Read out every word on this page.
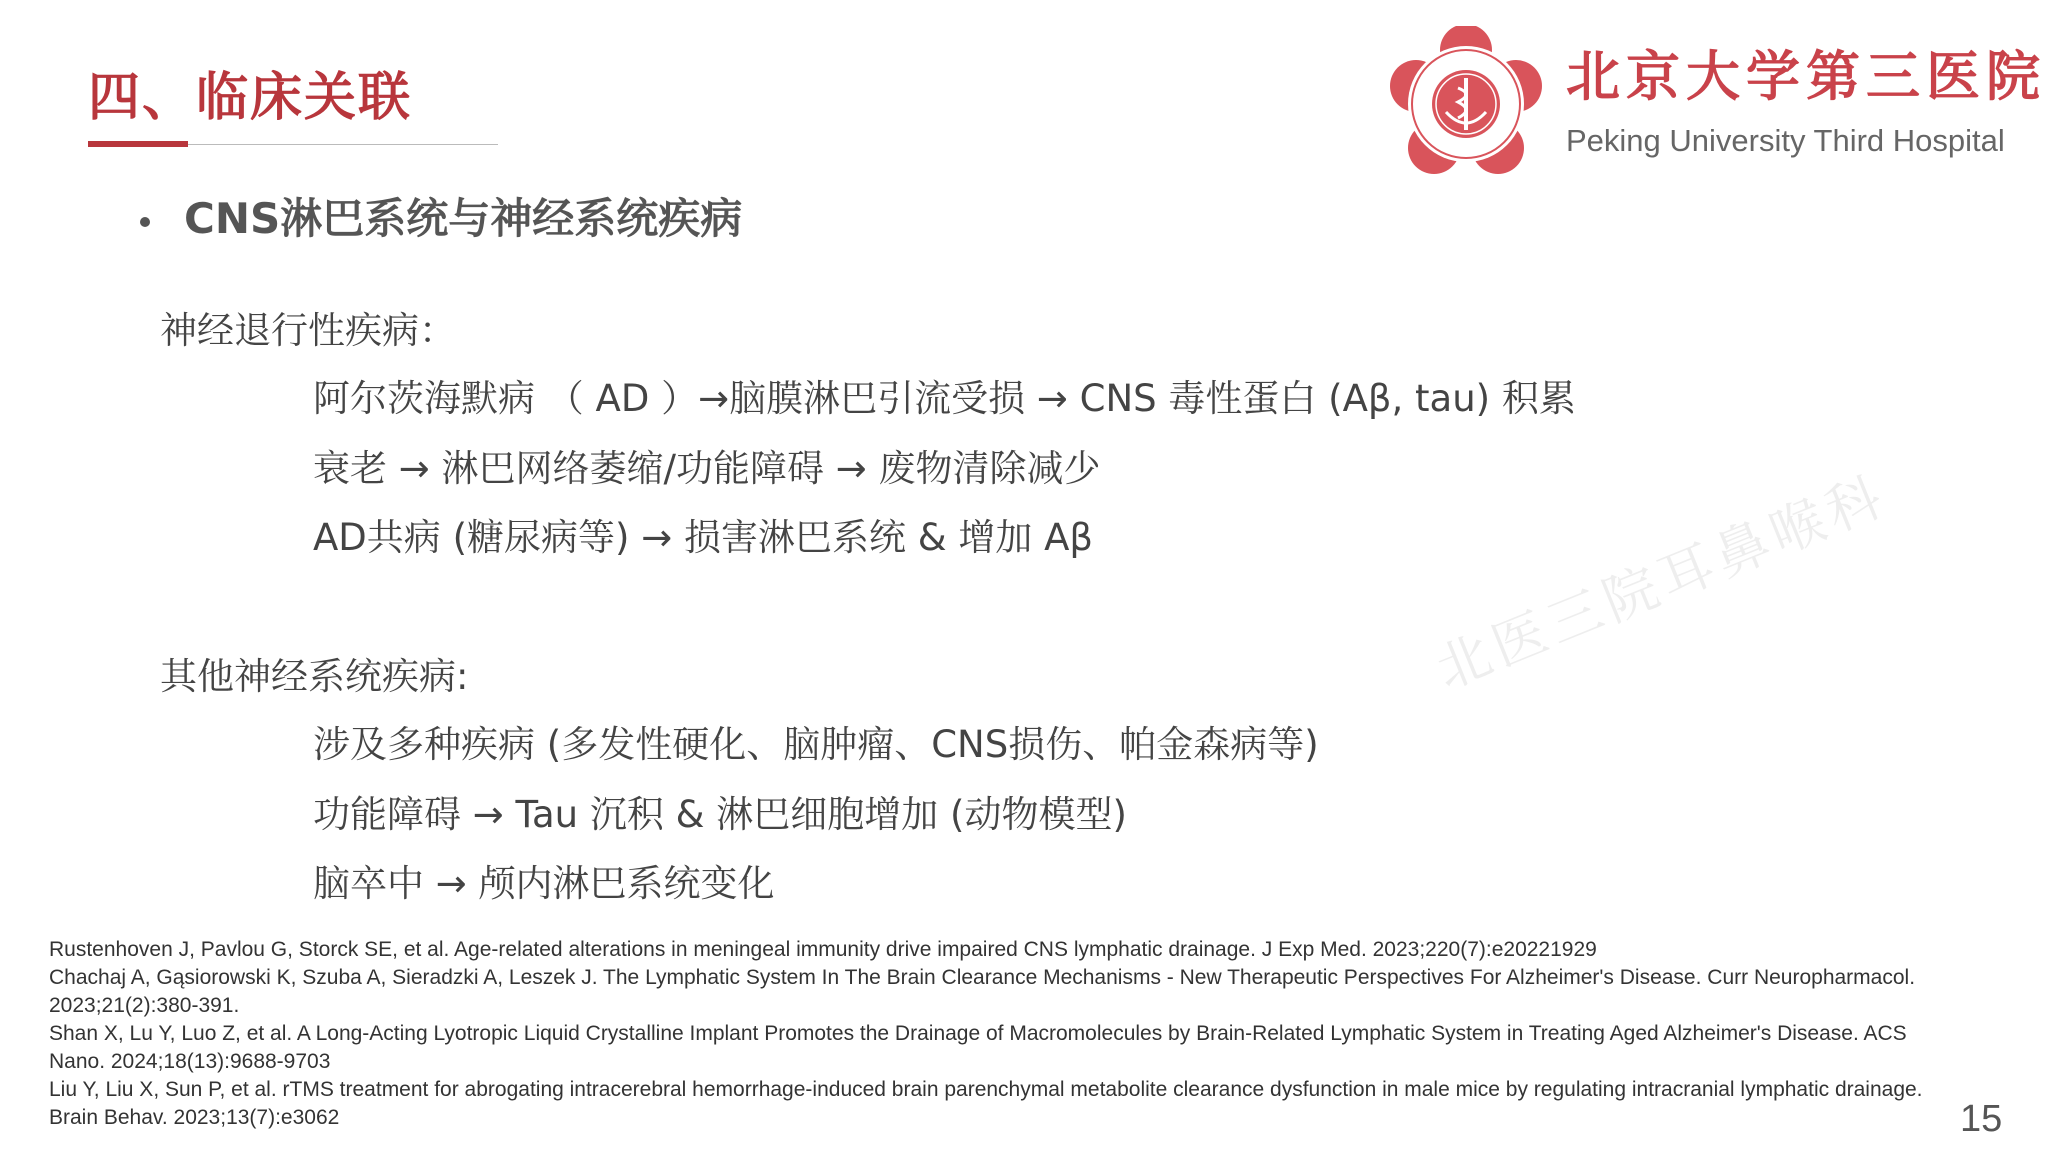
北医三院耳鼻喉科
四、临床关联
CNS淋巴系统与神经系统疾病
神经退行性疾病：
阿尔茨海默病 （ AD ）→脑膜淋巴引流受损 → CNS 毒性蛋白 (Aβ, tau) 积累
衰老 → 淋巴网络萎缩/功能障碍 → 废物清除减少
AD共病 (糖尿病等) → 损害淋巴系统 & 增加 Aβ
其他神经系统疾病:
涉及多种疾病 (多发性硬化、脑肿瘤、CNS损伤、帕金森病等)
功能障碍 → Tau 沉积 & 淋巴细胞增加 (动物模型)
脑卒中 → 颅内淋巴系统变化
Rustenhoven J, Pavlou G, Storck SE, et al. Age-related alterations in meningeal immunity drive impaired CNS lymphatic drainage. J Exp Med. 2023;220(7):e20221929
Chachaj A, Gąsiorowski K, Szuba A, Sieradzki A, Leszek J. The Lymphatic System In The Brain Clearance Mechanisms - New Therapeutic Perspectives For Alzheimer's Disease. Curr Neuropharmacol. 2023;21(2):380-391.
Shan X, Lu Y, Luo Z, et al. A Long-Acting Lyotropic Liquid Crystalline Implant Promotes the Drainage of Macromolecules by Brain-Related Lymphatic System in Treating Aged Alzheimer's Disease. ACS Nano. 2024;18(13):9688-9703
Liu Y, Liu X, Sun P, et al. rTMS treatment for abrogating intracerebral hemorrhage-induced brain parenchymal metabolite clearance dysfunction in male mice by regulating intracranial lymphatic drainage. Brain Behav. 2023;13(7):e3062	15
北京大学第三医院
Peking University Third Hospital
